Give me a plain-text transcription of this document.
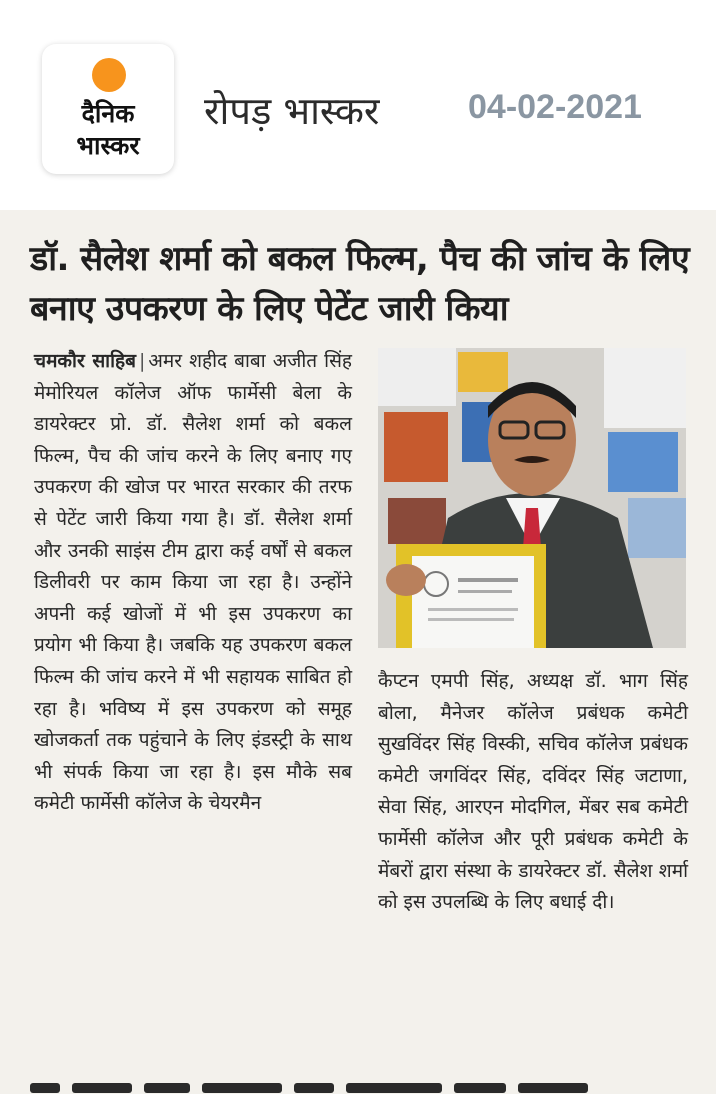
दैनिक
भास्कर
रोपड़ भास्कर	04-02-2021
डॉ. सैलेश शर्मा को बकल फिल्म, पैच की जांच के लिए बनाए उपकरण के लिए पेटेंट जारी किया
चमकौर साहिब | अमर शहीद बाबा अजीत सिंह मेमोरियल कॉलेज ऑफ फार्मेसी बेला के डायरेक्टर प्रो. डॉ. सैलेश शर्मा को बकल फिल्म, पैच की जांच करने के लिए बनाए गए उपकरण की खोज पर भारत सरकार की तरफ से पेटेंट जारी किया गया है। डॉ. सैलेश शर्मा और उनकी साइंस टीम द्वारा कई वर्षों से बकल डिलीवरी पर काम किया जा रहा है। उन्होंने अपनी कई खोजों में भी इस उपकरण का प्रयोग भी किया है। जबकि यह उपकरण बकल फिल्म की जांच करने में भी सहायक साबित हो रहा है। भविष्य में इस उपकरण को समूह खोजकर्ता तक पहुंचाने के लिए इंडस्ट्री के साथ भी संपर्क किया जा रहा है। इस मौके सब कमेटी फार्मेसी कॉलेज के चेयरमैन
कैप्टन एमपी सिंह, अध्यक्ष डॉ. भाग सिंह बोला, मैनेजर कॉलेज प्रबंधक कमेटी सुखविंदर सिंह विस्की, सचिव कॉलेज प्रबंधक कमेटी जगविंदर सिंह, दविंदर सिंह जटाणा, सेवा सिंह, आरएन मोदगिल, मेंबर सब कमेटी फार्मेसी कॉलेज और पूरी प्रबंधक कमेटी के मेंबरों द्वारा संस्था के डायरेक्टर डॉ. सैलेश शर्मा को इस उपलब्धि के लिए बधाई दी।
